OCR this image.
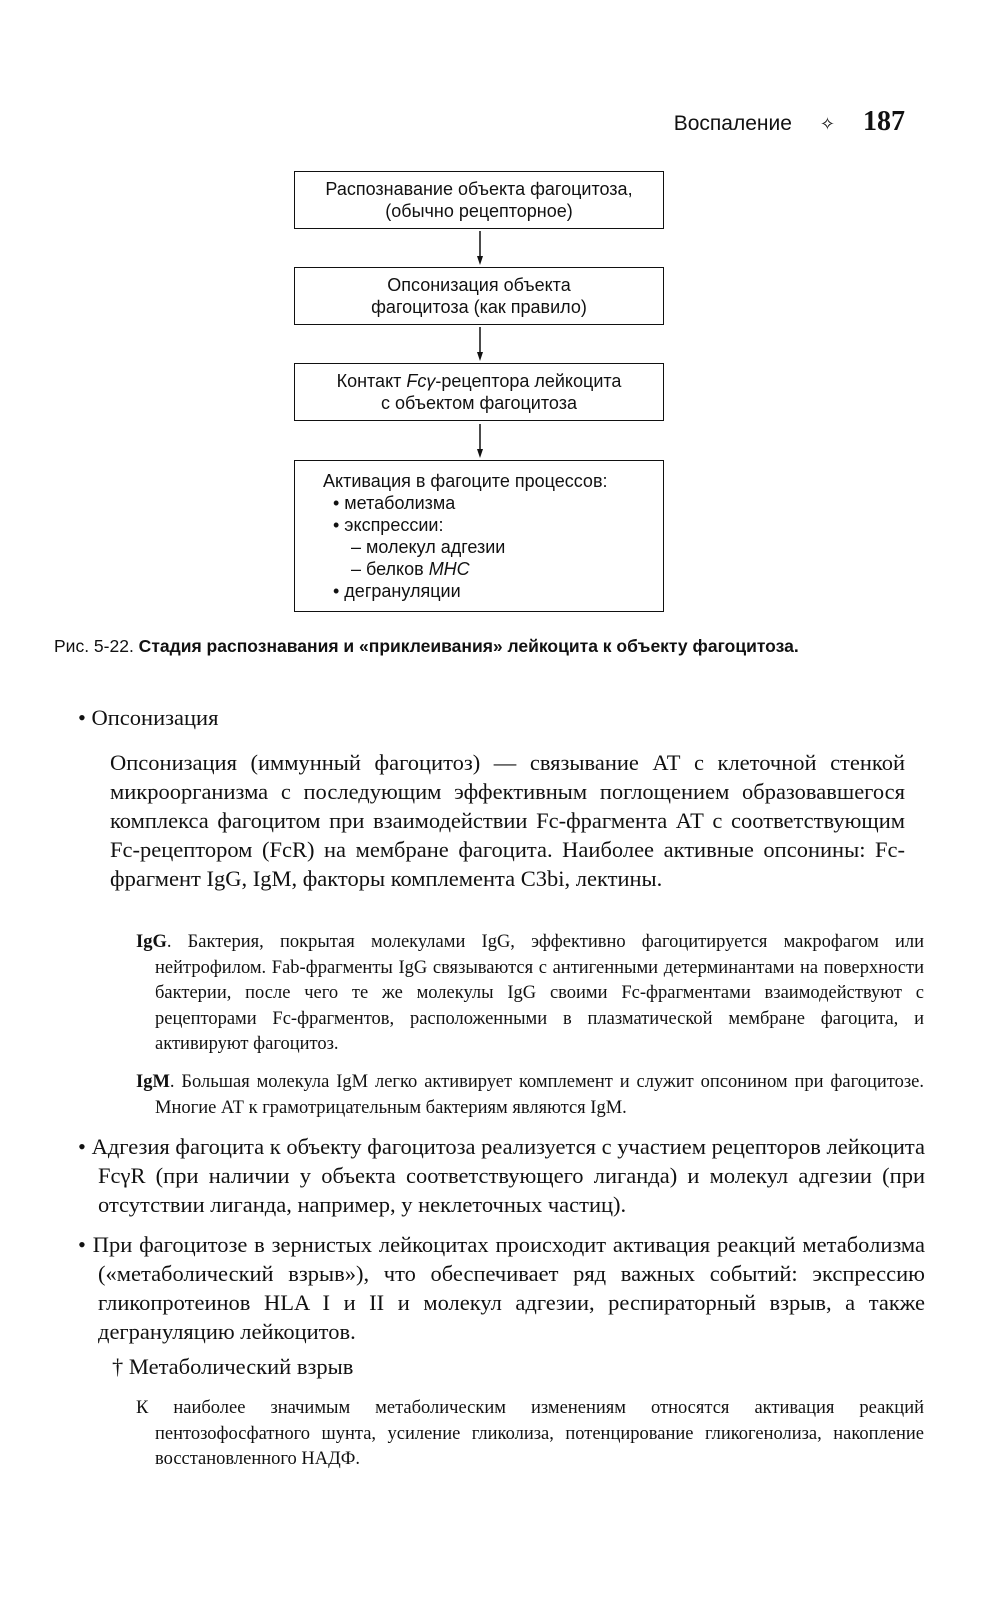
Воспаление ✧ 187
Распознавание объекта фагоцитоза,
(обычно рецепторное)
Опсонизация объекта
фагоцитоза (как правило)
Контакт Fcγ-рецептора лейкоцита
с объектом фагоцитоза
Активация в фагоците процессов:
• метаболизма
• экспрессии:
– молекул адгезии
– белков MHC
• дегрануляции
Рис. 5-22. Стадия распознавания и «приклеивания» лейкоцита к объекту фагоцитоза.
• Опсонизация
Опсонизация (иммунный фагоцитоз) — связывание АТ с клеточной стенкой микроорганизма с последующим эффективным поглощением образовавшегося комплекса фагоцитом при взаимодействии Fc-фрагмента АТ с соответствующим Fc-рецептором (FcR) на мембране фагоцита. Наиболее активные опсонины: Fc-фрагмент IgG, IgM, факторы комплемента C3bi, лектины.
IgG. Бактерия, покрытая молекулами IgG, эффективно фагоцитируется макрофагом или нейтрофилом. Fab-фрагменты IgG связываются с антигенными детерминантами на поверхности бактерии, после чего те же молекулы IgG своими Fc-фрагментами взаимодействуют с рецепторами Fc-фрагментов, расположенными в плазматической мембране фагоцита, и активируют фагоцитоз.
IgM. Большая молекула IgM легко активирует комплемент и служит опсонином при фагоцитозе. Многие АТ к грамотрицательным бактериям являются IgM.
• Адгезия фагоцита к объекту фагоцитоза реализуется с участием рецепторов лейкоцита FcγR (при наличии у объекта соответствующего лиганда) и молекул адгезии (при отсутствии лиганда, например, у неклеточных частиц).
• При фагоцитозе в зернистых лейкоцитах происходит активация реакций метаболизма («метаболический взрыв»), что обеспечивает ряд важных событий: экспрессию гликопротеинов HLA I и II и молекул адгезии, респираторный взрыв, а также дегрануляцию лейкоцитов.
† Метаболический взрыв
К наиболее значимым метаболическим изменениям относятся активация реакций пентозофосфатного шунта, усиление гликолиза, потенцирование гликогенолиза, накопление восстановленного НАДФ.
